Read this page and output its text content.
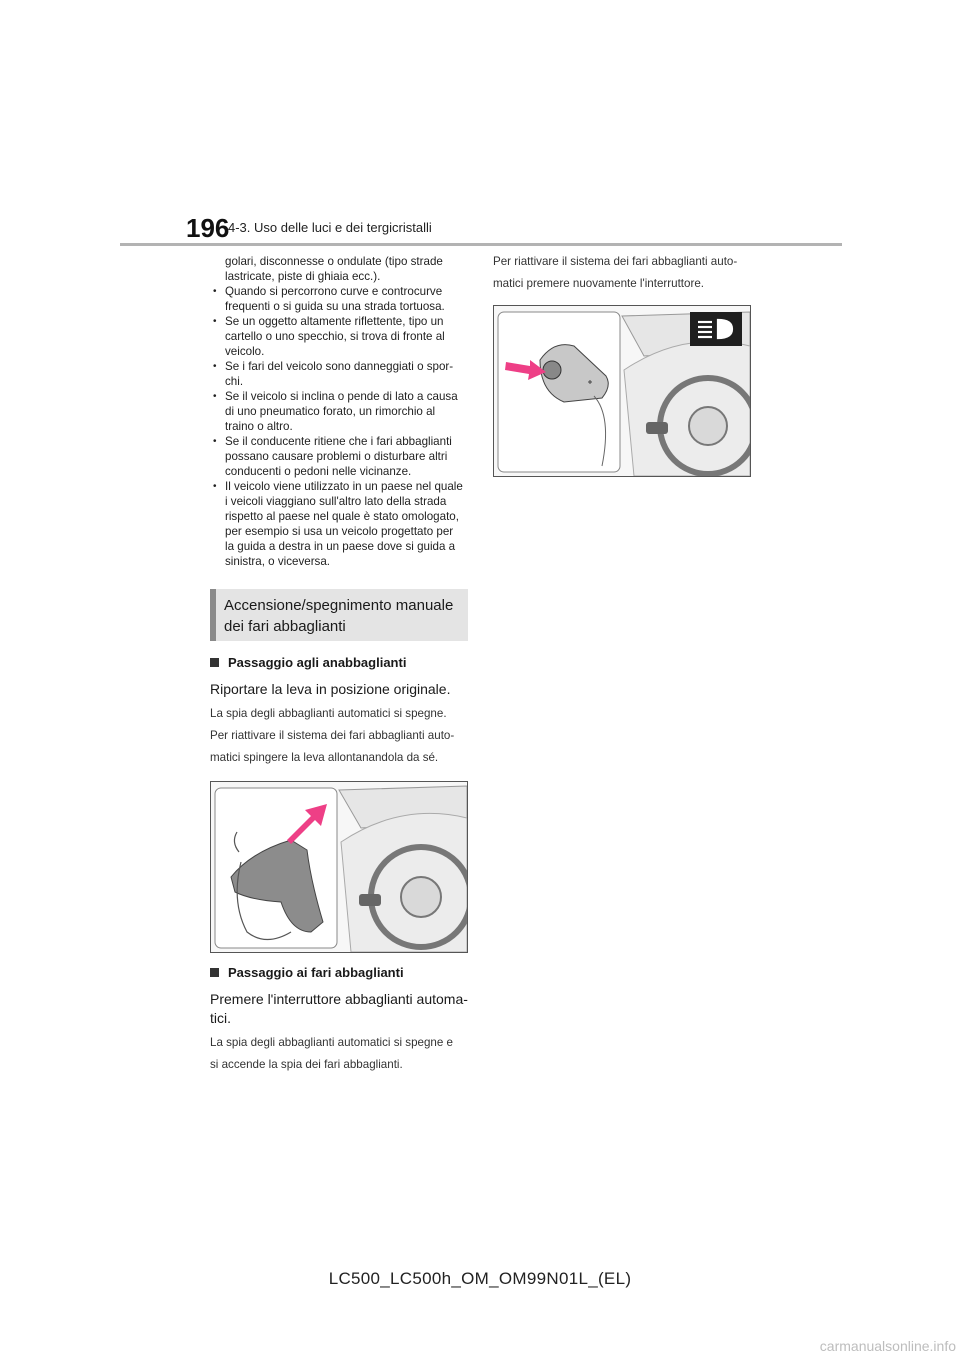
196
4-3. Uso delle luci e dei tergicristalli

golari, disconnesse o ondulate (tipo strade
lastricate, piste di ghiaia ecc.).

• Quando si percorrono curve e controcurve
frequenti o si guida su una strada tortuosa.
• Se un oggetto altamente riflettente, tipo un
cartello o uno specchio, si trova di fronte al
veicolo.
• Se i fari del veicolo sono danneggiati o spor-
chi.
• Se il veicolo si inclina o pende di lato a causa
di uno pneumatico forato, un rimorchio al
traino o altro.
• Se il conducente ritiene che i fari abbaglianti
possano causare problemi o disturbare altri
conducenti o pedoni nelle vicinanze.
• Il veicolo viene utilizzato in un paese nel quale
i veicoli viaggiano sull'altro lato della strada
rispetto al paese nel quale è stato omologato,
per esempio si usa un veicolo progettato per
la guida a destra in un paese dove si guida a
sinistra, o viceversa.
Accensione/spegnimento manuale
dei fari abbaglianti
Passaggio agli anabbaglianti
Riportare la leva in posizione originale.
La spia degli abbaglianti automatici si spegne.
Per riattivare il sistema dei fari abbaglianti auto-
matici spingere la leva allontanandola da sé.
Passaggio ai fari abbaglianti
Premere l'interruttore abbaglianti automa-
tici.
La spia degli abbaglianti automatici si spegne e
si accende la spia dei fari abbaglianti.
Per riattivare il sistema dei fari abbaglianti auto-
matici premere nuovamente l'interruttore.
LC500_LC500h_OM_OM99N01L_(EL)
carmanualsonline.info
